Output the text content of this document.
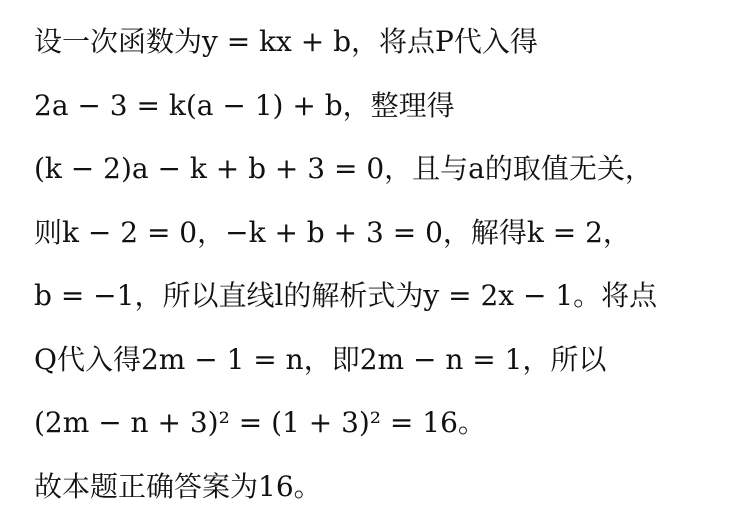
设一次函数为y = kx + b，将点P代入得
2a − 3 = k(a − 1) + b，整理得
(k − 2)a − k + b + 3 = 0，且与a的取值无关，
则k − 2 = 0，−k + b + 3 = 0，解得k = 2，
b = −1，所以直线l的解析式为y = 2x − 1。将点
Q代入得2m − 1 = n，即2m − n = 1，所以
(2m − n + 3)² = (1 + 3)² = 16。
故本题正确答案为16。
